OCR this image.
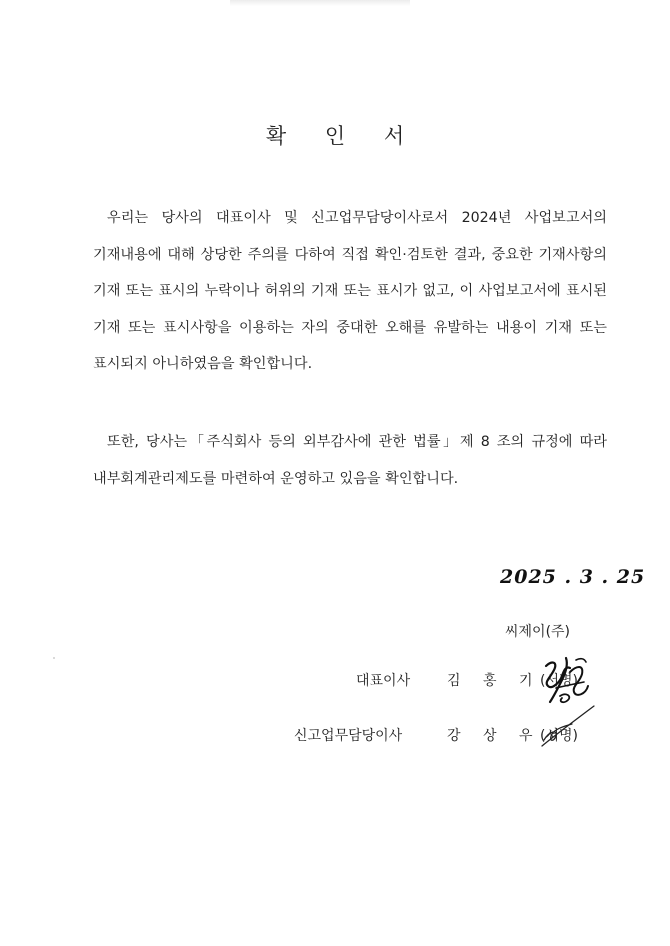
확 인 서

우리는 당사의 대표이사 및 신고업무담당이사로서 2024년 사업보고서의 기재내용에 대해 상당한 주의를 다하여 직접 확인·검토한 결과, 중요한 기재사항의 기재 또는 표시의 누락이나 허위의 기재 또는 표시가 없고, 이 사업보고서에 표시된 기재 또는 표시사항을 이용하는 자의 중대한 오해를 유발하는 내용이 기재 또는 표시되지 아니하였음을 확인합니다.

또한, 당사는「주식회사 등의 외부감사에 관한 법률」제 8 조의 규정에 따라 내부회계관리제도를 마련하여 운영하고 있음을 확인합니다.

2025 . 3 . 25
씨제이(주)
대표이사	김 홍 기
(서명)
신고업무담당이사	강 상 우
(서명)
